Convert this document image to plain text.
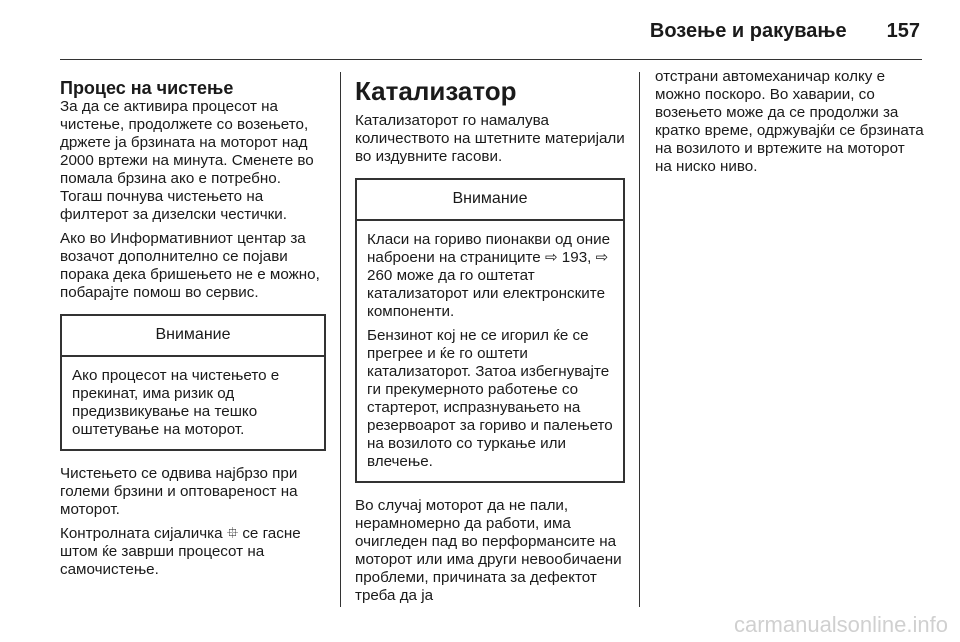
Возење и ракување 157
Процес на чистење

За да се активира процесот на чистење, продолжете со возењето, држете ја брзината на моторот над 2000 вртежи на минута. Сменете во помала брзина ако е потребно. Тогаш почнува чистењето на филтерот за дизелски честички.

Ако во Информативниот центар за возачот дополнително се појави порака дека бришењето не е можно, побарајте помош во сервис.

Внимание

Ако процесот на чистењето е прекинат, има ризик од предизвикување на тешко оштетување на моторот.

Чистењето се одвива најбрзо при големи брзини и оптовареност на моторот.

Контролната сијаличка ⯐ се гасне штом ќе заврши процесот на самочистење.

Катализатор

Катализаторот го намалува количеството на штетните материјали во издувните гасови.

Внимание

Класи на гориво пионакви од оние наброени на страниците ⇨ 193, ⇨ 260 може да го оштетат катализаторот или електронските компоненти.

Бензинот кој не се игорил ќе се прегрее и ќе го оштети катализаторот. Затоа избегнувајте ги прекумерното работење со стартерот, испразнувањето на резервоарот за гориво и палењето на возилото со туркање или влечење.

Во случај моторот да не пали, нерамномерно да работи, има очигледен пад во перформансите на моторот или има други невообичаени проблеми, причината за дефектот треба да ја

отстрани автомеханичар колку е можно поскоро. Во хаварии, со возењето може да се продолжи за кратко време, одржувајќи се брзината на возилото и вртежите на моторот на ниско ниво.

carmanualsonline.info
